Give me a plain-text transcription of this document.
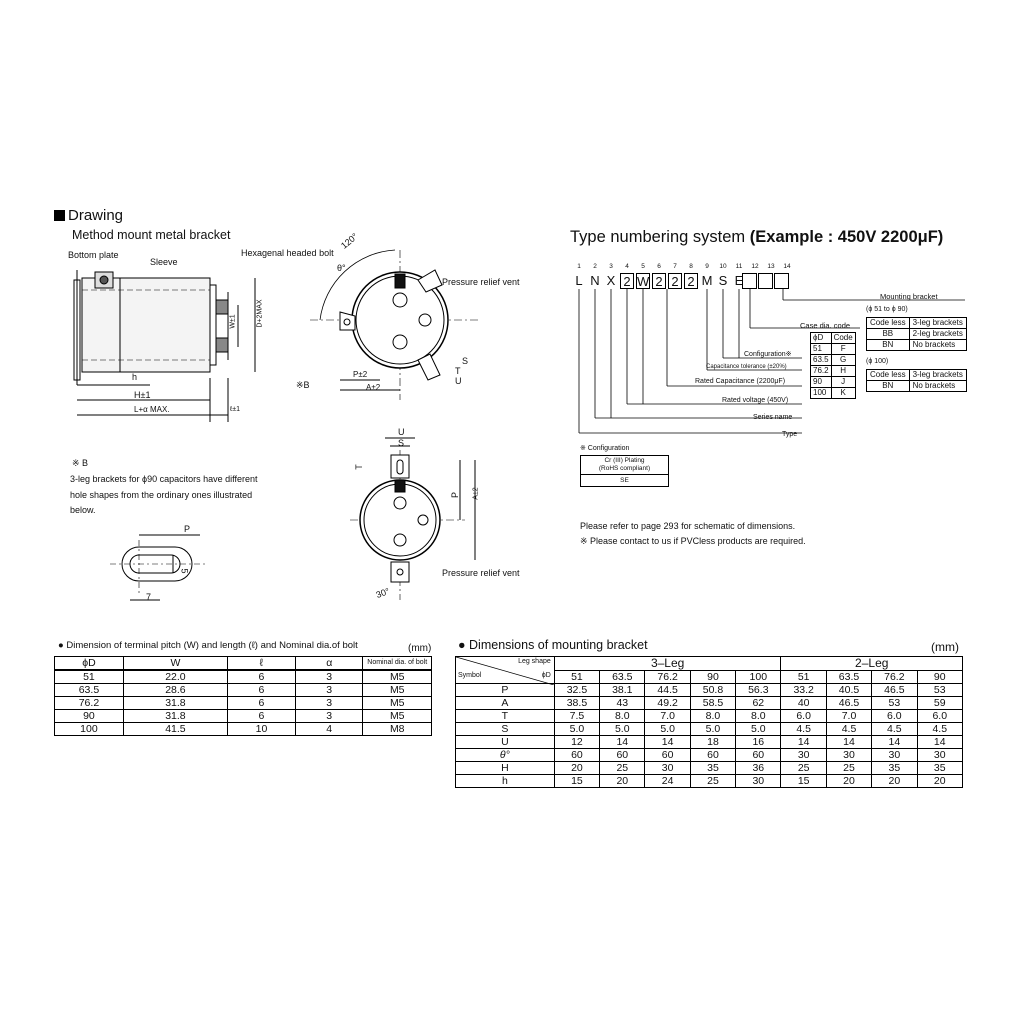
Drawing
Method mount metal bracket
Bottom plate
Sleeve
Hexagenal headed bolt
h
H±1
L+α MAX.	ℓ±1
D+2MAX
W±1
120°
θ°
Pressure relief vent
※B
P±2
A±2
S
T
U
U
S
T
P A±2
Pressure relief vent
30°
※ B
3-leg brackets for ϕ90 capacitors have different
hole shapes from the ordinary ones illustrated
below.
P
5
7
Type numbering system (Example : 450V 2200μF)
1	2	3	4	5	6	7	8	9	10	11	12	13	14
L N X 2 W 2 2 2 M S E
Mounting bracket
Case dia. code
Configuration※
Capacitance tolerance (±20%)
Rated Capacitance (2200μF)
Rated voltage (450V)
Series name
Type
ϕD	Code
51	F
63.5	G
76.2	H
90	J
100	K
(ϕ 51 to ϕ 90)
Code less	3-leg brackets
BB	2-leg brackets
BN	No brackets
(ϕ 100)
Code less	3-leg brackets
BN	No brackets
※ Configuration
Cr (III) Plating
(RoHS compliant)
SE
Please refer to page 293 for schematic of dimensions.
※ Please contact to us if PVCless products are required.
● Dimension of terminal pitch (W) and length (ℓ) and Nominal dia.of bolt	(mm)
ϕD	W	ℓ	α	Nominal dia. of bolt
51	22.0	6	3	M5
63.5	28.6	6	3	M5
76.2	31.8	6	3	M5
90	31.8	6	3	M5
100	41.5	10	4	M8
● Dimensions of mounting bracket	(mm)
Leg shape
ϕD
Symbol	3–Leg					2–Leg			
	51	63.5	76.2	90	100	51	63.5	76.2	90
P	32.5	38.1	44.5	50.8	56.3	33.2	40.5	46.5	53
A	38.5	43	49.2	58.5	62	40	46.5	53	59
T	7.5	8.0	7.0	8.0	8.0	6.0	7.0	6.0	6.0
S	5.0	5.0	5.0	5.0	5.0	4.5	4.5	4.5	4.5
U	12	14	14	18	16	14	14	14	14
θ°	60	60	60	60	60	30	30	30	30
H	20	25	30	35	36	25	25	35	35
h	15	20	24	25	30	15	20	20	20
